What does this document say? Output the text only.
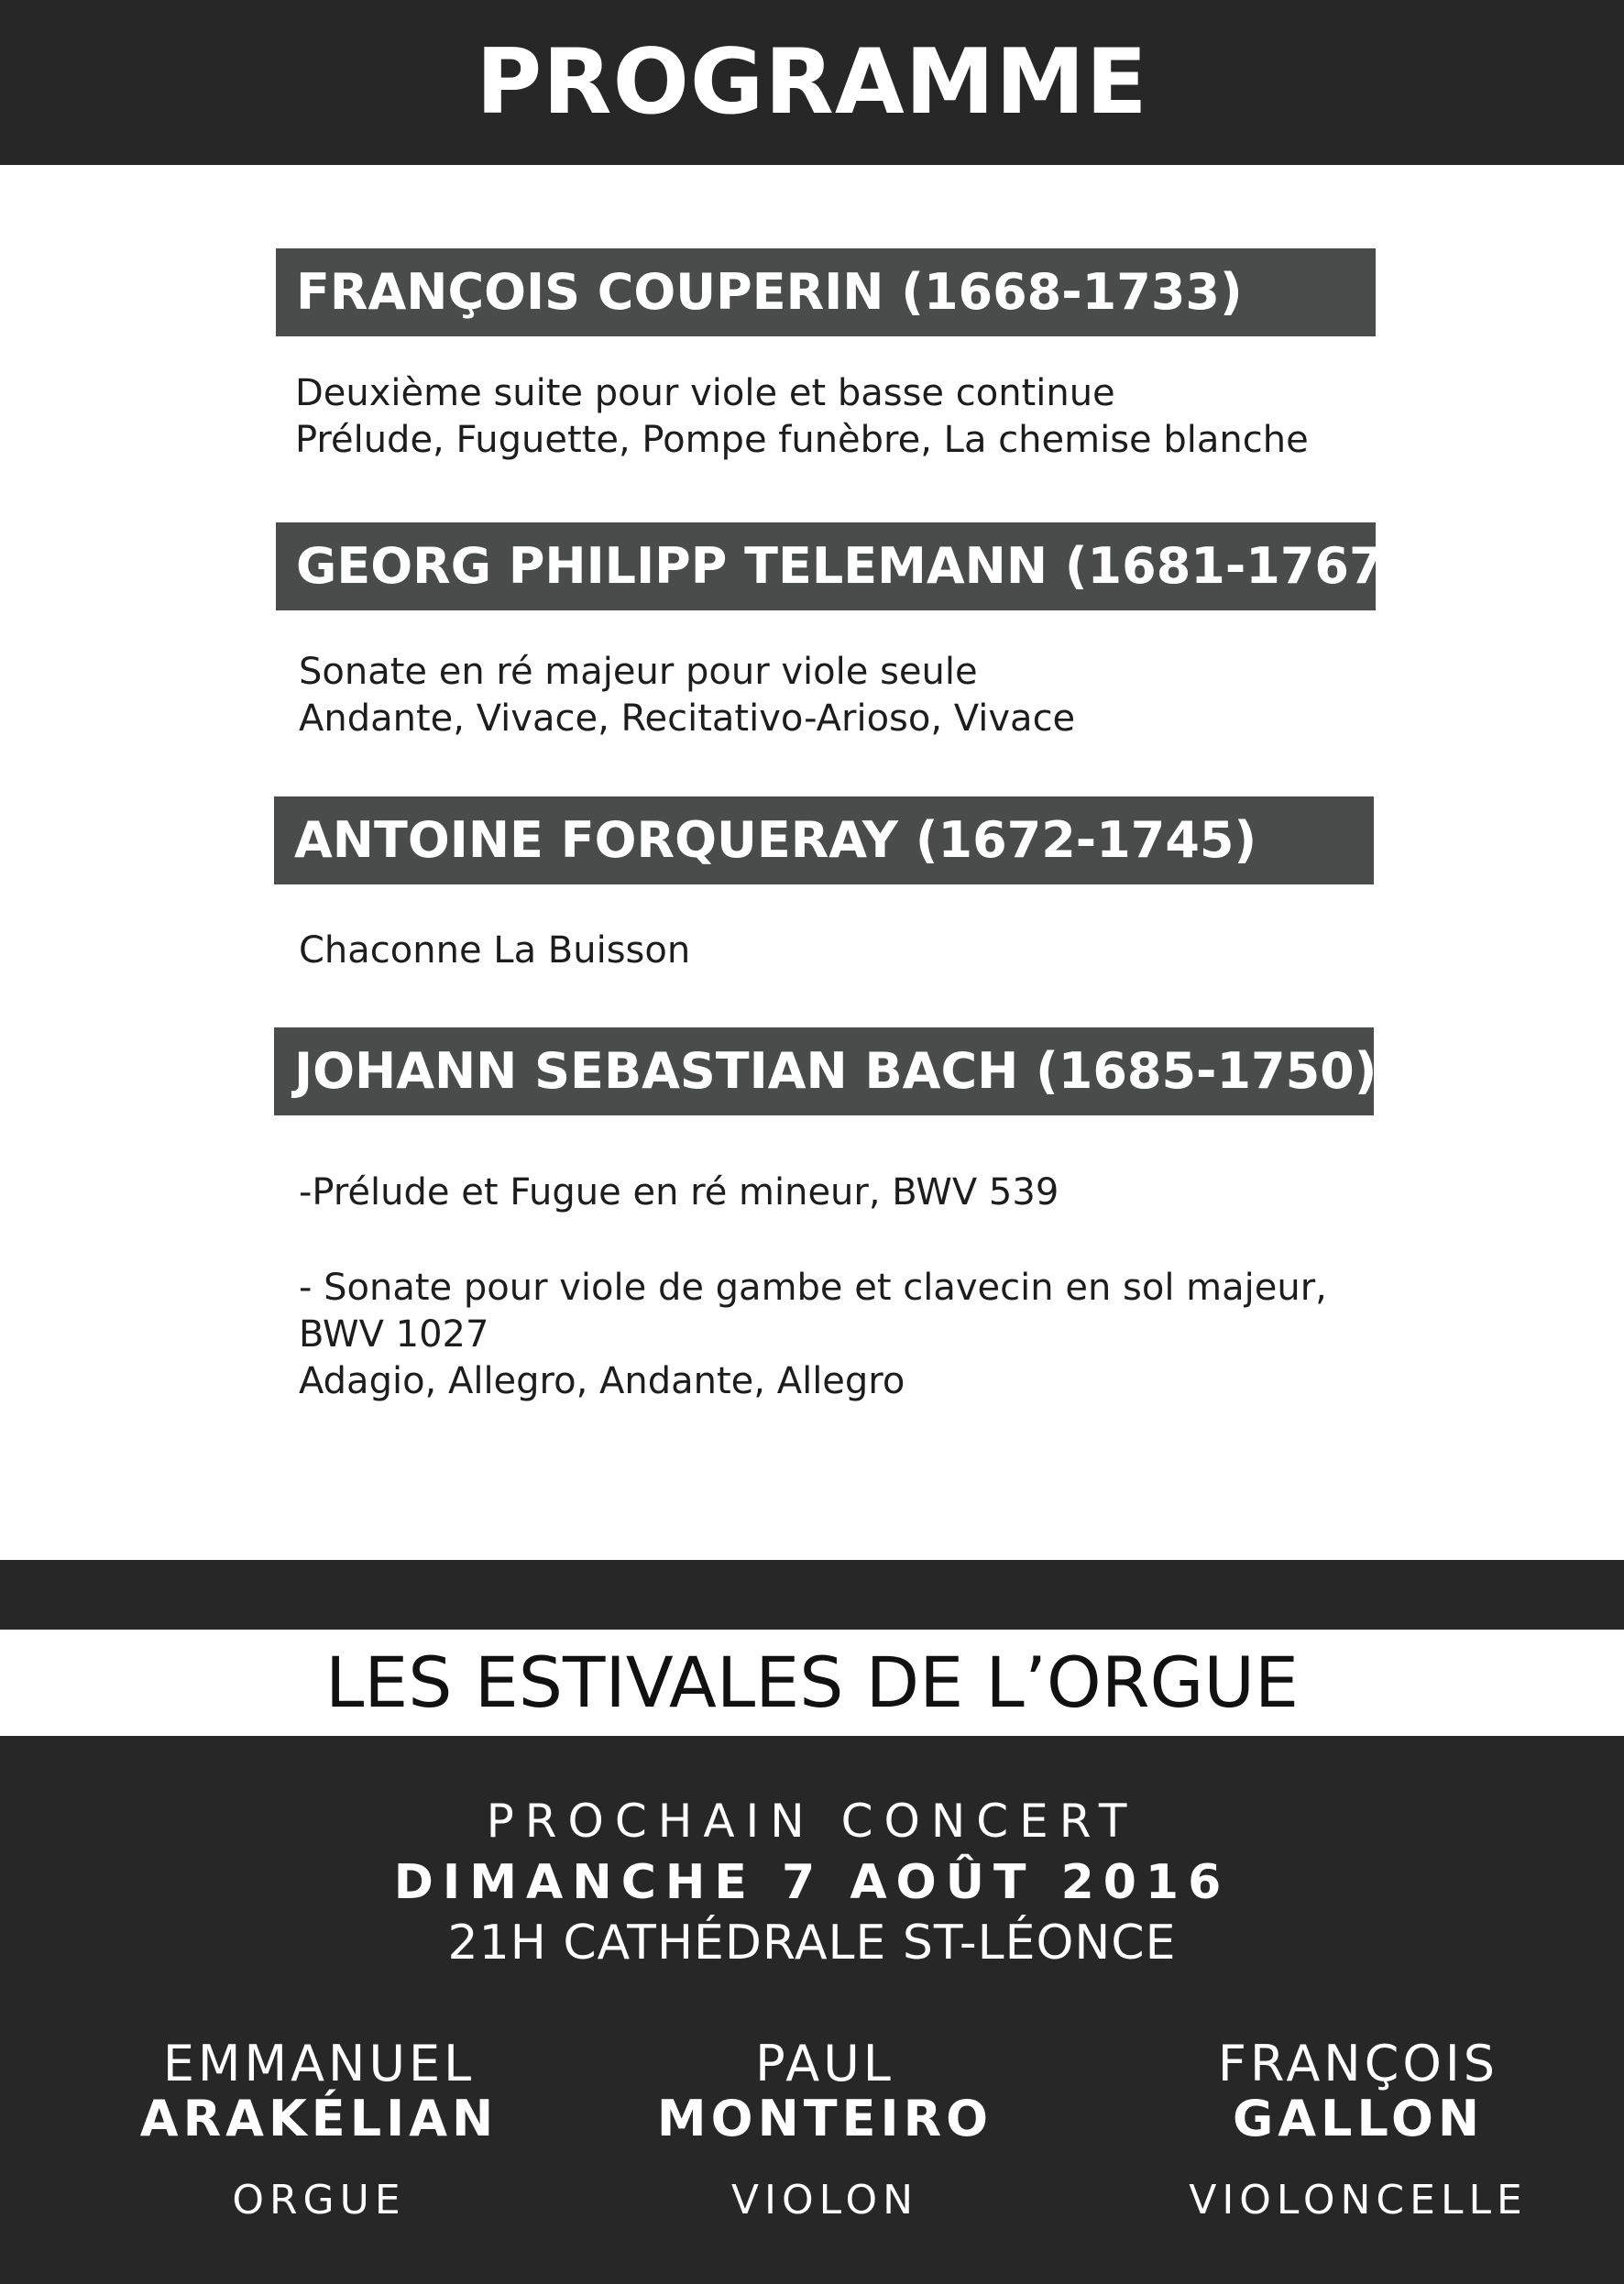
PROGRAMME
FRANÇOIS COUPERIN (1668-1733)
Deuxième suite pour viole et basse continue
Prélude, Fuguette, Pompe funèbre, La chemise blanche
GEORG PHILIPP TELEMANN (1681-1767)
Sonate en ré majeur pour viole seule
Andante, Vivace, Recitativo-Arioso, Vivace
ANTOINE FORQUERAY (1672-1745)
Chaconne La Buisson
JOHANN SEBASTIAN BACH (1685-1750)
-Prélude et Fugue en ré mineur, BWV 539
- Sonate pour viole de gambe et clavecin en sol majeur,
BWV 1027
Adagio, Allegro, Andante, Allegro
LES ESTIVALES DE L’ORGUE
PROCHAIN CONCERT
DIMANCHE 7 AOÛT 2016
21H CATHÉDRALE ST-LÉONCE
EMMANUEL
ARAKÉLIAN
ORGUE
PAUL
MONTEIRO
VIOLON
FRANÇOIS
GALLON
VIOLONCELLE
